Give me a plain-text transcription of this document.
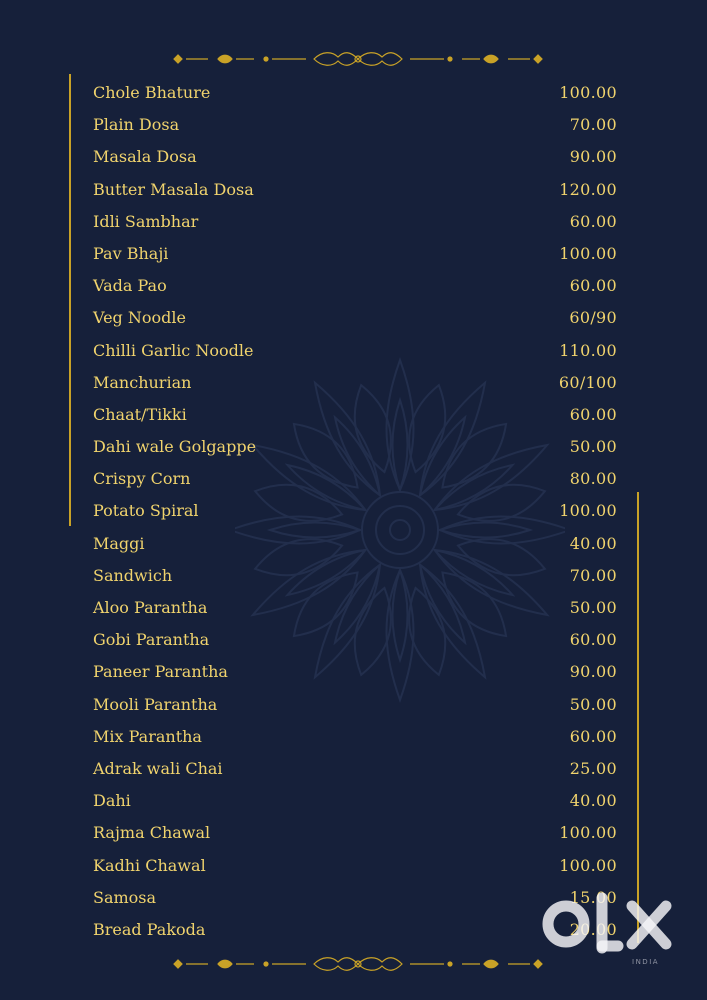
Chole Bhature	100.00
Plain Dosa	70.00
Masala Dosa	90.00
Butter Masala Dosa	120.00
Idli Sambhar	60.00
Pav Bhaji	100.00
Vada Pao	60.00
Veg Noodle	60/90
Chilli Garlic Noodle	110.00
Manchurian	60/100
Chaat/Tikki	60.00
Dahi wale Golgappe	50.00
Crispy Corn	80.00
Potato Spiral	100.00
Maggi	40.00
Sandwich	70.00
Aloo Parantha	50.00
Gobi Parantha	60.00
Paneer Parantha	90.00
Mooli Parantha	50.00
Mix Parantha	60.00
Adrak wali Chai	25.00
Dahi	40.00
Rajma Chawal	100.00
Kadhi Chawal	100.00
Samosa	15.00
Bread Pakoda	20.00
INDIA
